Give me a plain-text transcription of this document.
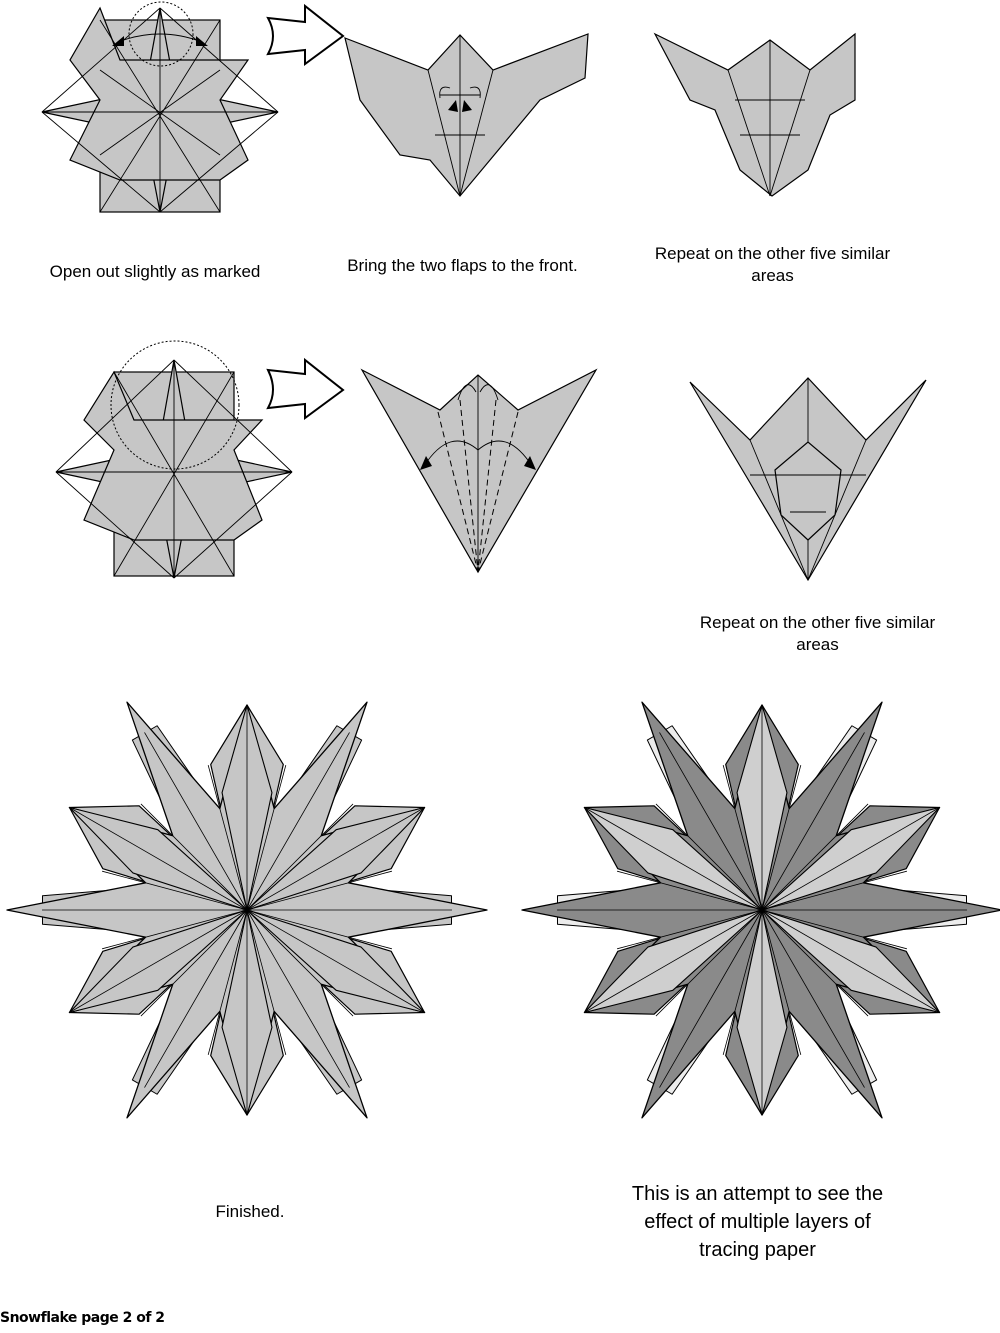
Open out slightly as marked	Bring the two flaps to the front.
Repeat on the other five similar areas
Repeat on the other five similar areas
Finished.
This is an attempt to see the effect of multiple layers of tracing paper
Snowflake page 2 of 2
